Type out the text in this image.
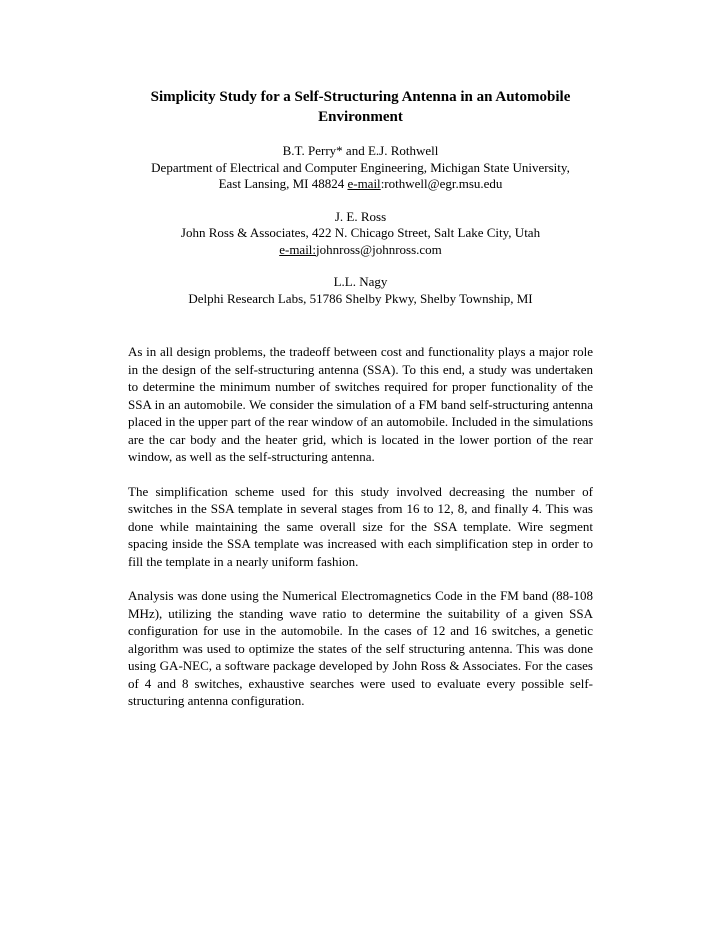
Simplicity Study for a Self-Structuring Antenna in an Automobile
Environment
B.T. Perry* and E.J. Rothwell
Department of Electrical and Computer Engineering, Michigan State University,
East Lansing, MI 48824 e-mail:rothwell@egr.msu.edu
J. E. Ross
John Ross & Associates, 422 N. Chicago Street, Salt Lake City, Utah
e-mail:johnross@johnross.com
L.L. Nagy
Delphi Research Labs, 51786 Shelby Pkwy, Shelby Township, MI

As in all design problems, the tradeoff between cost and functionality plays a major role in the design of the self-structuring antenna (SSA). To this end, a study was undertaken to determine the minimum number of switches required for proper functionality of the SSA in an automobile. We consider the simulation of a FM band self-structuring antenna placed in the upper part of the rear window of an automobile. Included in the simulations are the car body and the heater grid, which is located in the lower portion of the rear window, as well as the self-structuring antenna.

The simplification scheme used for this study involved decreasing the number of switches in the SSA template in several stages from 16 to 12, 8, and finally 4. This was done while maintaining the same overall size for the SSA template. Wire segment spacing inside the SSA template was increased with each simplification step in order to fill the template in a nearly uniform fashion.

Analysis was done using the Numerical Electromagnetics Code in the FM band (88-108 MHz), utilizing the standing wave ratio to determine the suitability of a given SSA configuration for use in the automobile. In the cases of 12 and 16 switches, a genetic algorithm was used to optimize the states of the self structuring antenna. This was done using GA-NEC, a software package developed by John Ross & Associates. For the cases of 4 and 8 switches, exhaustive searches were used to evaluate every possible self-structuring antenna configuration.
